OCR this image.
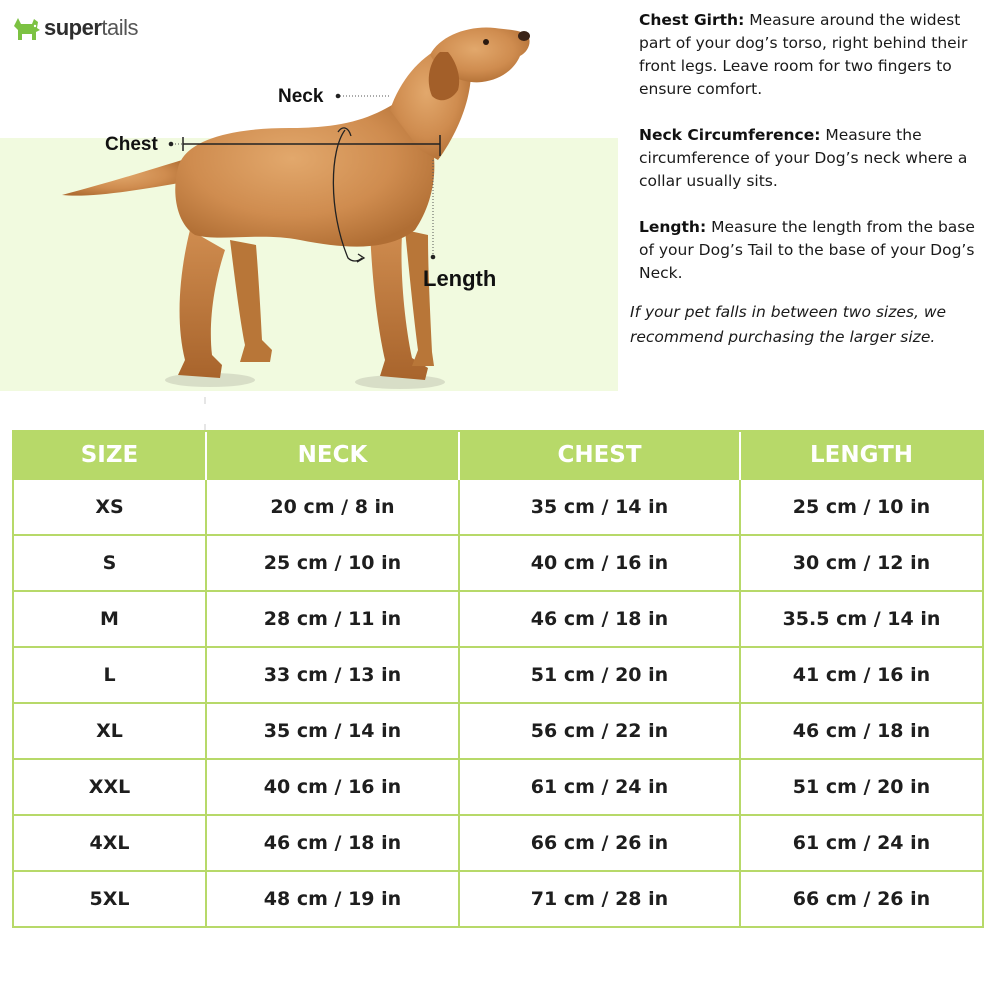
supertails
Neck
Chest
Length

Chest Girth: Measure around the widest part of your dog’s torso, right behind their front legs. Leave room for two fingers to ensure comfort.

Neck Circumference: Measure the circumference of your Dog’s neck where a collar usually sits.

Length: Measure the length from the base of your Dog’s Tail to the base of your Dog’s Neck.

If your pet falls in between two sizes, we recommend purchasing the larger size.
SIZE	NECK	CHEST	LENGTH
XS	20 cm / 8 in	35 cm / 14 in	25 cm / 10 in
S	25 cm / 10 in	40 cm / 16 in	30 cm / 12 in
M	28 cm / 11 in	46 cm / 18 in	35.5 cm / 14 in
L	33 cm / 13 in	51 cm / 20 in	41 cm / 16 in
XL	35 cm / 14 in	56 cm / 22 in	46 cm / 18 in
XXL	40 cm / 16 in	61 cm / 24 in	51 cm / 20 in
4XL	46 cm / 18 in	66 cm / 26 in	61 cm / 24 in
5XL	48 cm / 19 in	71 cm / 28 in	66 cm / 26 in
